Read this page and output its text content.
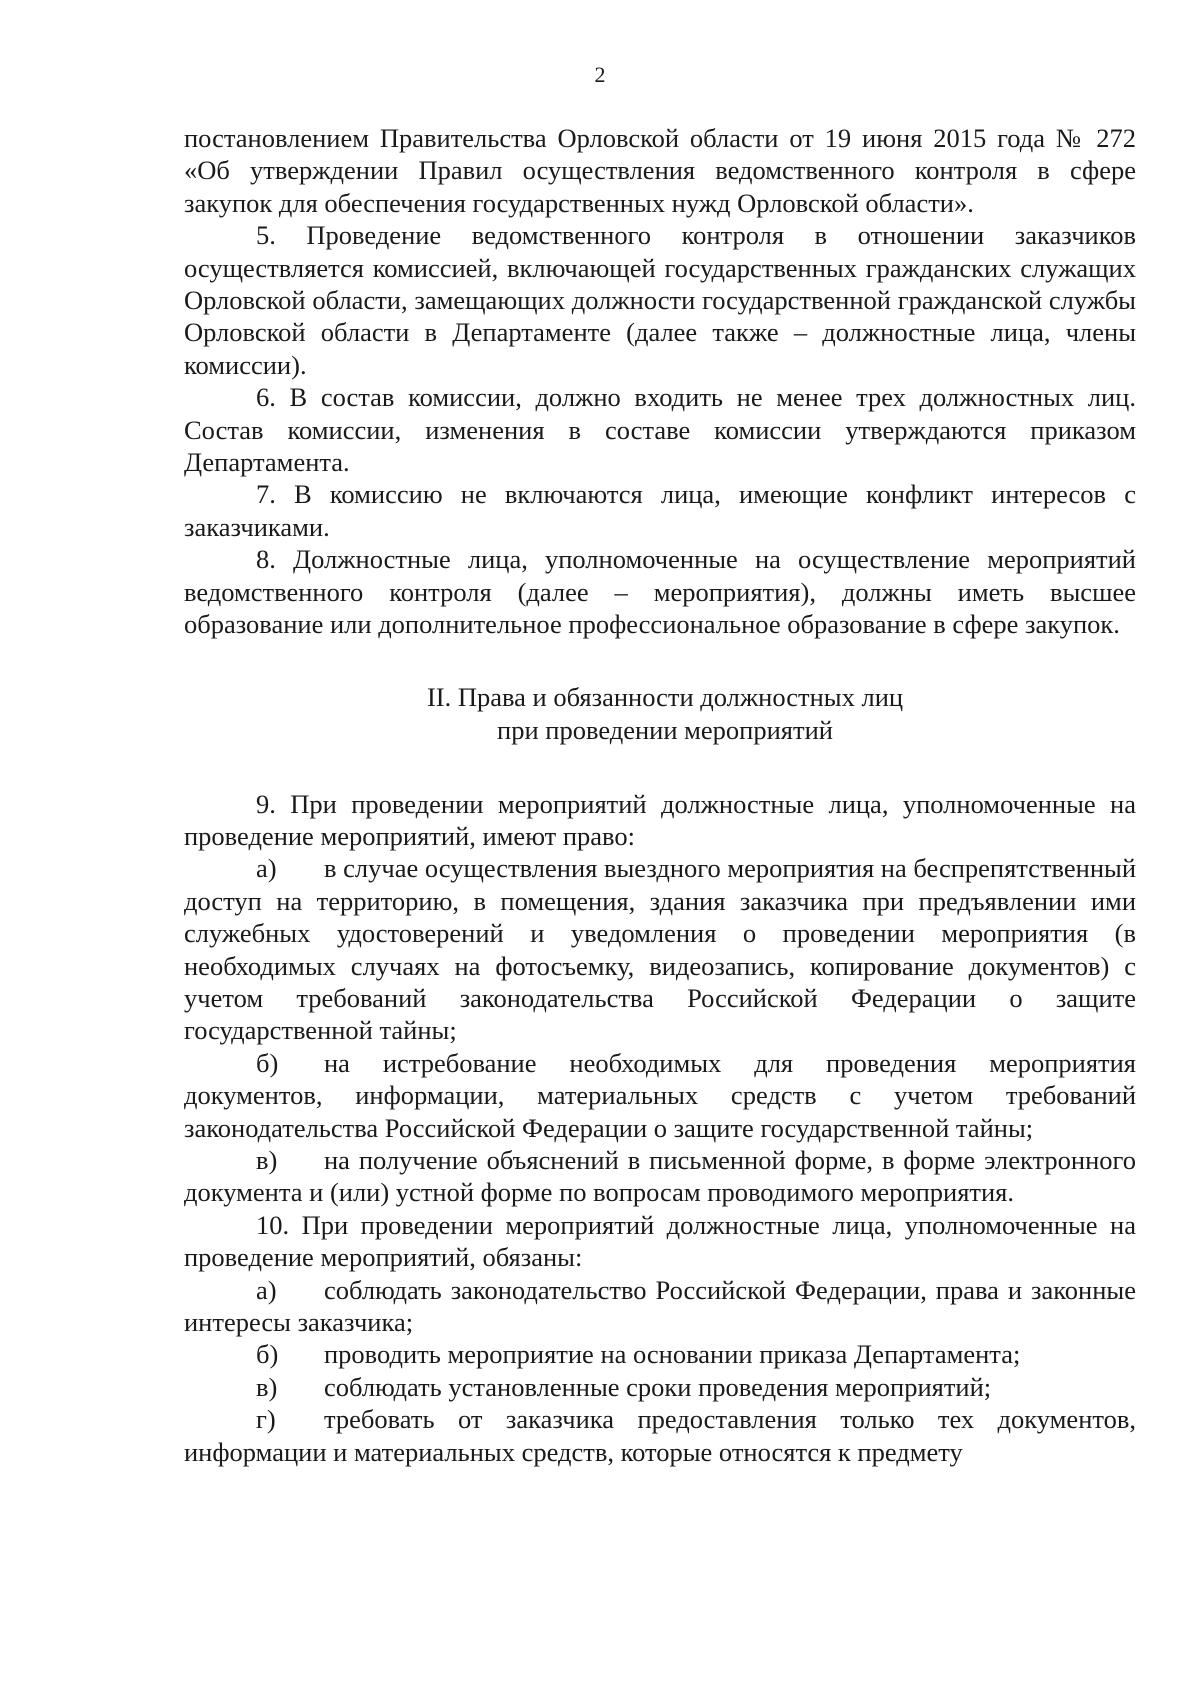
2

постановлением Правительства Орловской области от 19 июня 2015 года № 272 «Об утверждении Правил осуществления ведомственного контроля в сфере закупок для обеспечения государственных нужд Орловской области».

5. Проведение ведомственного контроля в отношении заказчиков осуществляется комиссией, включающей государственных гражданских служащих Орловской области, замещающих должности государственной гражданской службы Орловской области в Департаменте (далее также – должностные лица, члены комиссии).

6. В состав комиссии, должно входить не менее трех должностных лиц. Состав комиссии, изменения в составе комиссии утверждаются приказом Департамента.

7. В комиссию не включаются лица, имеющие конфликт интересов с заказчиками.

8. Должностные лица, уполномоченные на осуществление мероприятий ведомственного контроля (далее – мероприятия), должны иметь высшее образование или дополнительное профессиональное образование в сфере закупок.

II. Права и обязанности должностных лиц
при проведении мероприятий

9. При проведении мероприятий должностные лица, уполномоченные на проведение мероприятий, имеют право:

а) в случае осуществления выездного мероприятия на беспрепятственный доступ на территорию, в помещения, здания заказчика при предъявлении ими служебных удостоверений и уведомления о проведении мероприятия (в необходимых случаях на фотосъемку, видеозапись, копирование документов) с учетом требований законодательства Российской Федерации о защите государственной тайны;

б) на истребование необходимых для проведения мероприятия документов, информации, материальных средств с учетом требований законодательства Российской Федерации о защите государственной тайны;

в) на получение объяснений в письменной форме, в форме электронного документа и (или) устной форме по вопросам проводимого мероприятия.

10. При проведении мероприятий должностные лица, уполномоченные на проведение мероприятий, обязаны:

а) соблюдать законодательство Российской Федерации, права и законные интересы заказчика;

б) проводить мероприятие на основании приказа Департамента;

в) соблюдать установленные сроки проведения мероприятий;

г) требовать от заказчика предоставления только тех документов, информации и материальных средств, которые относятся к предмету
